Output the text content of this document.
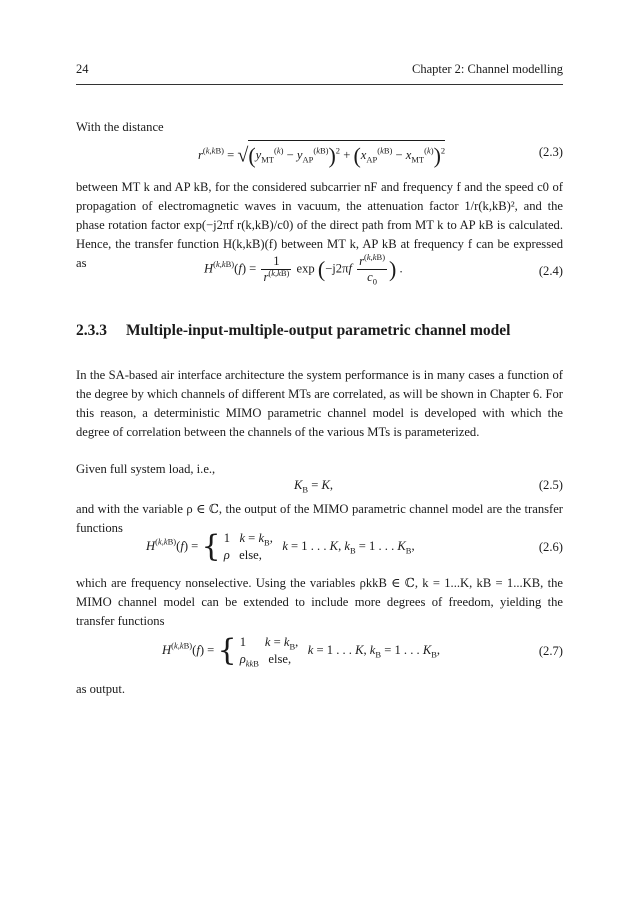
24	Chapter 2: Channel modelling

With the distance

$r^{(k,kB)} = √(y_{MT}^{(k)} - y_{AP}^{(kB)})^2 + (x_{AP}^{(kB)} - x_{MT}^{(k)})^2$	(2.3)

between MT k and AP kB, for the considered subcarrier nF and frequency f and the speed c0 of propagation of electromagnetic waves in vacuum, the attenuation factor 1/r(k,kB)², and the phase rotation factor exp(−j2πf r(k,kB)/c0) of the direct path from MT k to AP kB is calculated. Hence, the transfer function H(k,kB)(f) between MT k, AP kB at frequency f can be expressed as	$H^{(k,kB)}(f) = \frac{1}{r^{(k,kB)}}$ $\exp (-j2\pi f \frac{r^{(k,kB)}}{c_0}$ ) .	(2.4)
2.3.3 Multiple-input-multiple-output parametric channel model

In the SA-based air interface architecture the system performance is in many cases a function of the degree by which channels of different MTs are correlated, as will be shown in Chapter 6. For this reason, a deterministic MIMO parametric channel model is developed with which the degree of correlation between the channels of the various MTs is parameterized.

Given full system load, i.e.,

$K_B = K$,	(2.5)

and with the variable ρ ∈ ℂ, the output of the MIMO parametric channel model are the transfer functions

$H^{(k,kB)}(f)$ = { 1   $k = k_B$,
ρ   else,   k = 1 . . . K, $k_B = 1$ . . . $K_B$,	(2.6)

which are frequency nonselective. Using the variables ρkkB ∈ ℂ, k = 1...K, kB = 1...KB, the MIMO channel model can be extended to include more degrees of freedom, yielding the transfer functions

$H^{(k,kB)}(f)$ = { 1      $k = k_B$,
$\rho_{kkB}$   else,   k = 1 . . . K, $k_B = 1$ . . . $K_B$,	(2.7)

as output.
